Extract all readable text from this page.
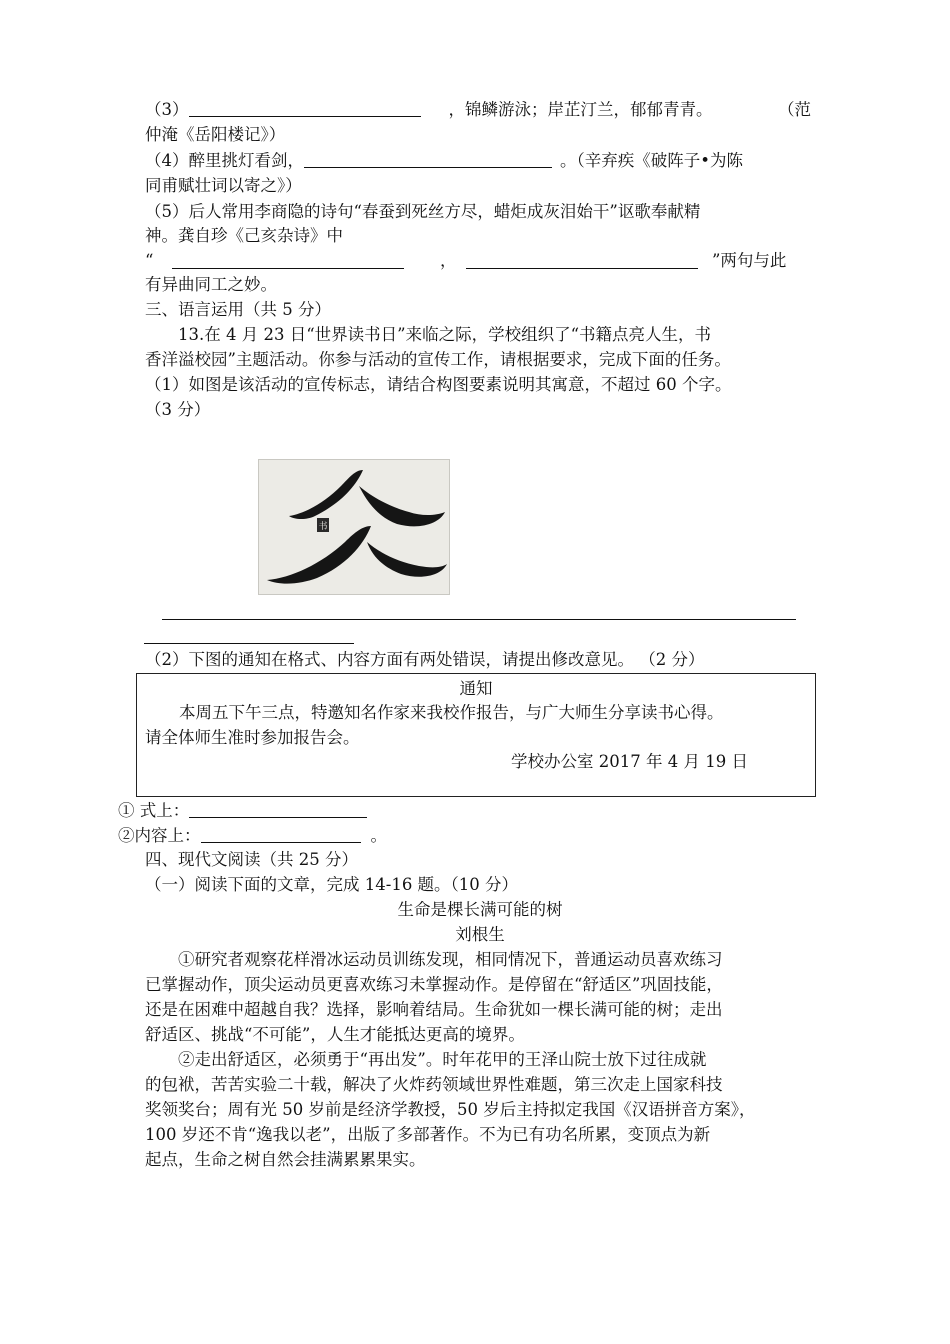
（3）	，锦鳞游泳；岸芷汀兰，郁郁青青。	（范
仲淹《岳阳楼记》）
（4）醉里挑灯看剑，	。（辛弃疾《破阵子•为陈
同甫赋壮词以寄之》）
（5）后人常用李商隐的诗句“春蚕到死丝方尽，蜡炬成灰泪始干”讴歌奉献精
神。龚自珍《己亥杂诗》中
“	，	”两句与此
有异曲同工之妙。
三、语言运用（共 5 分）
13.在 4 月 23 日“世界读书日”来临之际，学校组织了“书籍点亮人生，书
香洋溢校园”主题活动。你参与活动的宣传工作，请根据要求，完成下面的任务。
（1）如图是该活动的宣传标志，请结合构图要素说明其寓意，不超过 60 个字。
（3 分）
书
（2）下图的通知在格式、内容方面有两处错误，请提出修改意见。 （2 分）
通知
本周五下午三点，特邀知名作家来我校作报告，与广大师生分享读书心得。
请全体师生准时参加报告会。
学校办公室 2017 年 4 月 19 日
① 式上：
②内容上：	。
四、现代文阅读（共 25 分）
（一）阅读下面的文章，完成 14-16 题。（10 分）
生命是棵长满可能的树
刘根生
①研究者观察花样滑冰运动员训练发现，相同情况下，普通运动员喜欢练习
已掌握动作，顶尖运动员更喜欢练习未掌握动作。是停留在“舒适区”巩固技能，
还是在困难中超越自我？选择，影响着结局。生命犹如一棵长满可能的树；走出
舒适区、挑战“不可能”，人生才能抵达更高的境界。
②走出舒适区，必须勇于“再出发”。时年花甲的王泽山院士放下过往成就
的包袱，苦苦实验二十载，解决了火炸药领域世界性难题，第三次走上国家科技
奖领奖台；周有光 50 岁前是经济学教授，50 岁后主持拟定我国《汉语拼音方案》，
100 岁还不肯“逸我以老”，出版了多部著作。不为已有功名所累，变顶点为新
起点，生命之树自然会挂满累累果实。
